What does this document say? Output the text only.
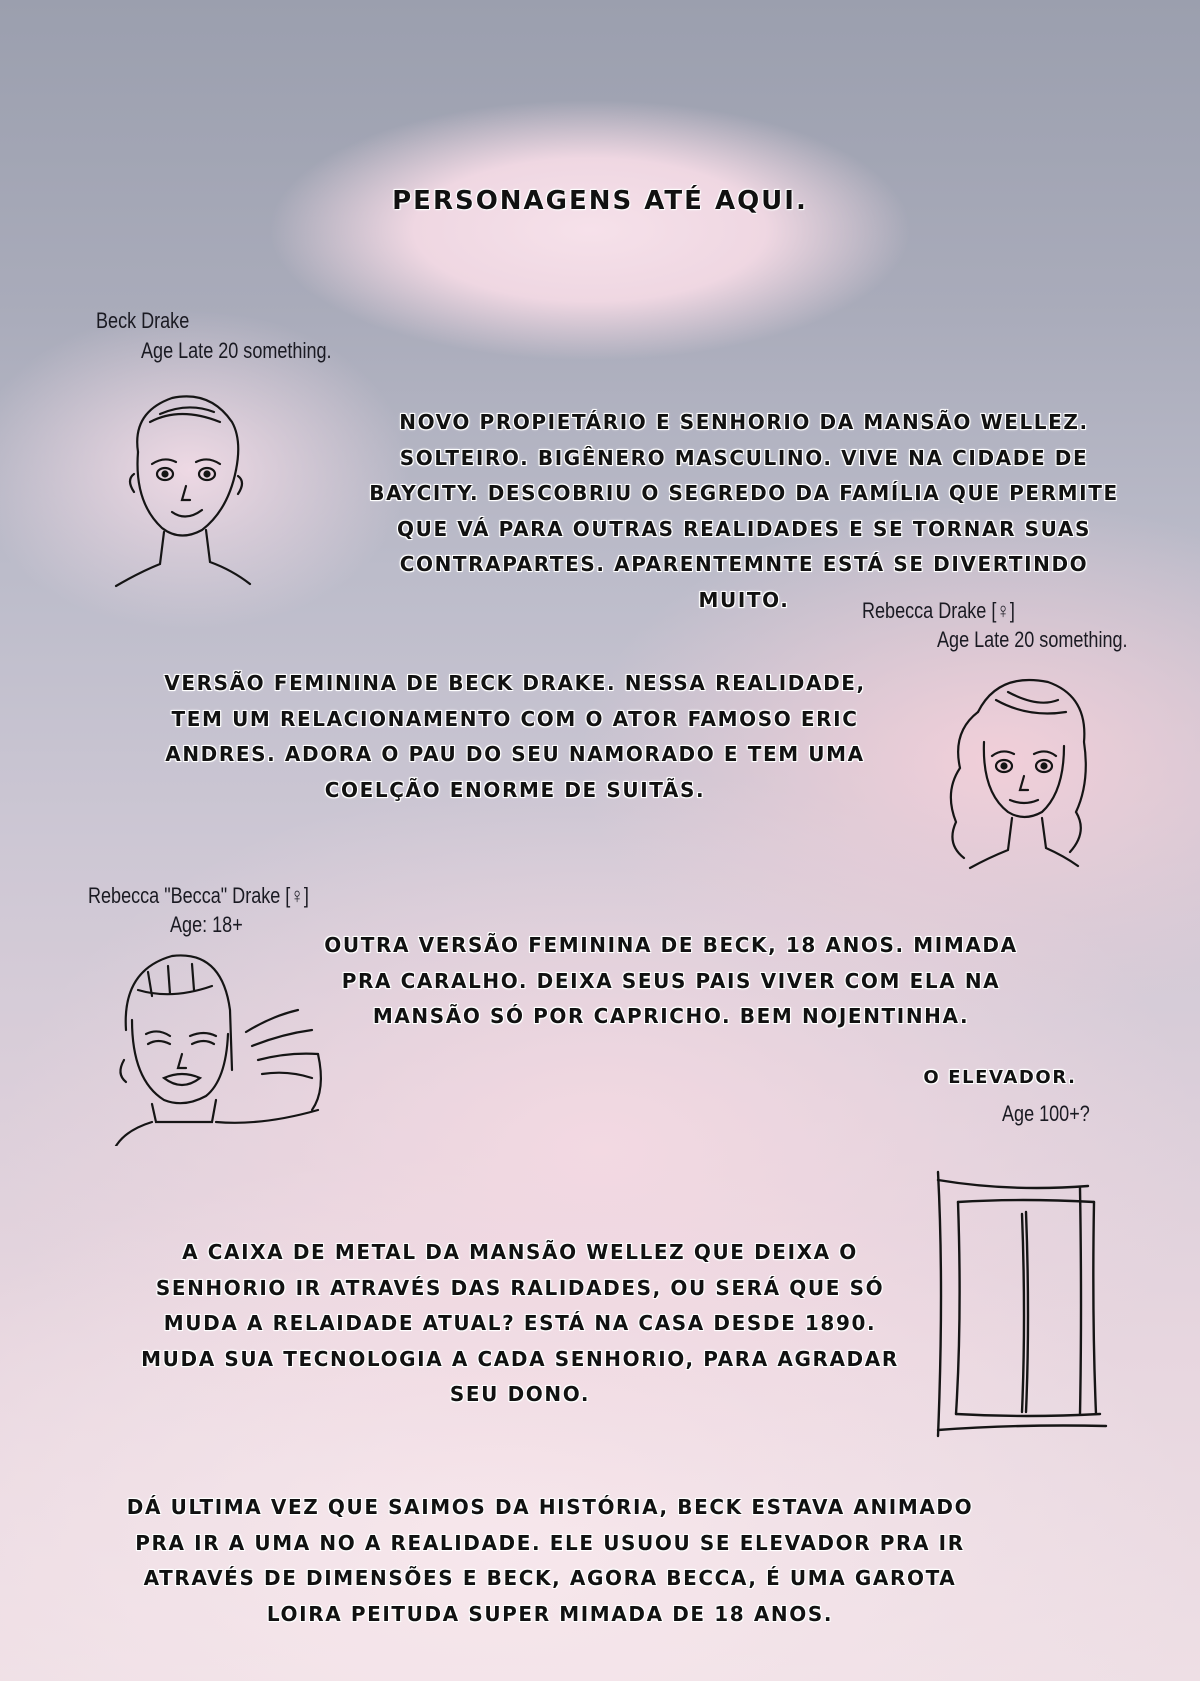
PERSONAGENS ATÉ AQUI.
Beck Drake
Age Late 20 something.
NOVO PROPIETÁRIO E SENHORIO DA MANSÃO WELLEZ. SOLTEIRO. BIGÊNERO MASCULINO. VIVE NA CIDADE DE BAYCITY. DESCOBRIU O SEGREDO DA FAMÍLIA QUE PERMITE QUE VÁ PARA OUTRAS REALIDADES E SE TORNAR SUAS CONTRAPARTES. APARENTEMNTE ESTÁ SE DIVERTINDO MUITO.	Rebecca Drake [♀]
Age Late 20 something.
VERSÃO FEMININA DE BECK DRAKE. NESSA REALIDADE, TEM UM RELACIONAMENTO COM O ATOR FAMOSO ERIC ANDRES. ADORA O PAU DO SEU NAMORADO E TEM UMA COELÇÃO ENORME DE SUITÃS.
Rebecca "Becca" Drake [♀]
Age: 18+
OUTRA VERSÃO FEMININA DE BECK, 18 ANOS. MIMADA PRA CARALHO. DEIXA SEUS PAIS VIVER COM ELA NA MANSÃO SÓ POR CAPRICHO. BEM NOJENTINHA.
O ELEVADOR.
Age 100+?
A CAIXA DE METAL DA MANSÃO WELLEZ QUE DEIXA O SENHORIO IR ATRAVÉS DAS RALIDADES, OU SERÁ QUE SÓ MUDA A RELAIDADE ATUAL? ESTÁ NA CASA DESDE 1890. MUDA SUA TECNOLOGIA A CADA SENHORIO, PARA AGRADAR SEU DONO.
DÁ ULTIMA VEZ QUE SAIMOS DA HISTÓRIA, BECK ESTAVA ANIMADO PRA IR A UMA NO A REALIDADE. ELE USUOU SE ELEVADOR PRA IR ATRAVÉS DE DIMENSÕES E BECK, AGORA BECCA, É UMA GAROTA LOIRA PEITUDA SUPER MIMADA DE 18 ANOS.
